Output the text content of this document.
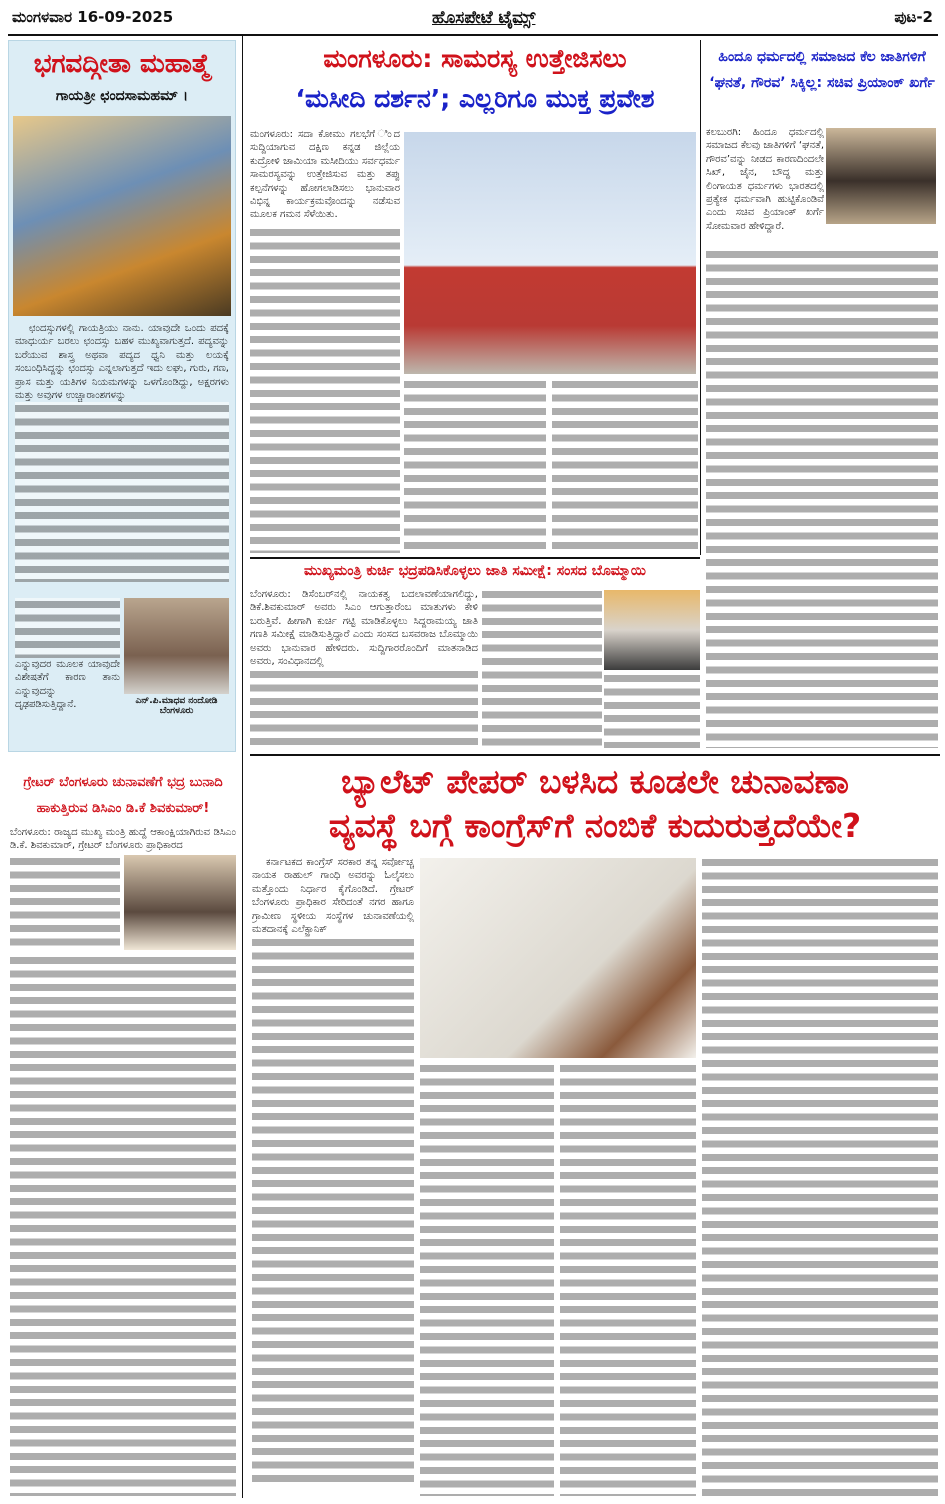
ಮಂಗಳವಾರ 16-09-2025	ಹೊಸಪೇಟೆ ಟೈಮ್ಸ್	ಪುಟ-2
ಭಗವದ್ಗೀತಾ ಮಹಾತ್ಮೆ
ಗಾಯತ್ರೀ ಛಂದಸಾಮಹಮ್ ।

ಛಂದಸ್ಸುಗಳಲ್ಲಿ ಗಾಯತ್ರಿಯು ನಾನು. ಯಾವುದೇ ಒಂದು ಪದಕ್ಕೆ ಮಾಧುರ್ಯ ಬರಲು ಛಂದಸ್ಸು ಬಹಳ ಮುಖ್ಯವಾಗುತ್ತದೆ. ಪದ್ಯವನ್ನು ಬರೆಯುವ ಶಾಸ್ತ್ರ ಅಥವಾ ಪದ್ಯದ ಧ್ವನಿ ಮತ್ತು ಲಯಕ್ಕೆ ಸಂಬಂಧಿಸಿದ್ದನ್ನು ಛಂದಸ್ಸು ಎನ್ನಲಾಗುತ್ತದೆ ಇದು ಲಘು, ಗುರು, ಗಣ, ಪ್ರಾಸ ಮತ್ತು ಯತಿಗಳ ನಿಯಮಗಳನ್ನು ಒಳಗೊಂಡಿದ್ದು, ಅಕ್ಷರಗಳು ಮತ್ತು ಅವುಗಳ ಉಚ್ಚಾರಾಂಶಗಳನ್ನು

ಎನ್ನುವುದರ ಮೂಲಕ ಯಾವುದೇ ವಿಶೇಷತೆಗೆ ಕಾರಣ ತಾನು ಎನ್ನುವುದನ್ನು ದೃಢಪಡಿಸುತ್ತಿದ್ದಾನೆ.	ಎನ್.ಪಿ.ಮಾಧವ ನಂದೋಡಿ
ಬೆಂಗಳೂರು
ಗ್ರೇಟರ್ ಬೆಂಗಳೂರು ಚುನಾವಣೆಗೆ ಭದ್ರ ಬುನಾದಿ ಹಾಕುತ್ತಿರುವ ಡಿಸಿಎಂ ಡಿ.ಕೆ ಶಿವಕುಮಾರ್!
ಬೆಂಗಳೂರು: ರಾಜ್ಯದ ಮುಖ್ಯ ಮಂತ್ರಿ ಹುದ್ದೆ ಆಕಾಂಕ್ಷಿಯಾಗಿರುವ ಡಿಸಿಎಂ ಡಿ.ಕೆ. ಶಿವಕುಮಾರ್, ಗ್ರೇಟರ್ ಬೆಂಗಳೂರು ಪ್ರಾಧಿಕಾರದ
ಮಂಗಳೂರು: ಸಾಮರಸ್ಯ ಉತ್ತೇಜಿಸಲು
‘ಮಸೀದಿ ದರ್ಶನ’; ಎಲ್ಲರಿಗೂ ಮುಕ್ತ ಪ್ರವೇಶ
ಮಂಗಳೂರು: ಸದಾ ಕೋಮು ಗಲಭೆಗೆ ಿಂದ ಸುದ್ದಿಯಾಗುವ ದಕ್ಷಿಣ ಕನ್ನಡ ಜಿಲ್ಲೆಯ ಕುದ್ರೋಳಿ ಜಾಮಿಯಾ ಮಸೀದಿಯು ಸರ್ವಧರ್ಮ ಸಾಮರಸ್ಯವನ್ನು ಉತ್ತೇಜಿಸುವ ಮತ್ತು ತಪ್ಪು ಕಲ್ಪನೆಗಳನ್ನು ಹೋಗಲಾಡಿಸಲು ಭಾನುವಾರ ವಿಭಿನ್ನ ಕಾರ್ಯಕ್ರಮವೊಂದನ್ನು ನಡೆಸುವ ಮೂಲಕ ಗಮನ ಸೆಳೆಯಿತು.
ಹಿಂದೂ ಧರ್ಮದಲ್ಲಿ ಸಮಾಜದ ಕೆಲ ಜಾತಿಗಳಿಗೆ ‘ಘನತೆ, ಗೌರವ’ ಸಿಕ್ಕಿಲ್ಲ: ಸಚಿವ ಪ್ರಿಯಾಂಕ್ ಖರ್ಗೆ
ಕಲಬುರಗಿ: ಹಿಂದೂ ಧರ್ಮದಲ್ಲಿ ಸಮಾಜದ ಕೆಲವು ಜಾತಿಗಳಿಗೆ ‘ಘನತೆ, ಗೌರವ’ವನ್ನು ನೀಡದ ಕಾರಣದಿಂದಲೇ ಸಿಖ್, ಜೈನ, ಬೌದ್ಧ ಮತ್ತು ಲಿಂಗಾಯತ ಧರ್ಮಗಳು ಭಾರತದಲ್ಲಿ ಪ್ರತ್ಯೇಕ ಧರ್ಮವಾಗಿ ಹುಟ್ಟಿಕೊಂಡಿವೆ ಎಂದು ಸಚಿವ ಪ್ರಿಯಾಂಕ್ ಖರ್ಗೆ ಸೋಮವಾರ ಹೇಳಿದ್ದಾರೆ.
ಮುಖ್ಯಮಂತ್ರಿ ಕುರ್ಚಿ ಭದ್ರಪಡಿಸಿಕೊಳ್ಳಲು ಜಾತಿ ಸಮೀಕ್ಷೆ: ಸಂಸದ ಬೊಮ್ಮಾಯಿ
ಬೆಂಗಳೂರು: ಡಿಸೆಂಬರ್‌ನಲ್ಲಿ ನಾಯಕತ್ವ ಬದಲಾವಣೆಯಾಗಲಿದ್ದು, ಡಿಕೆ.ಶಿವಕುಮಾರ್ ಅವರು ಸಿಎಂ ಆಗುತ್ತಾರೆಂಬ ಮಾತುಗಳು ಕೇಳಿ ಬರುತ್ತಿವೆ. ಹೀಗಾಗಿ ಕುರ್ಚಿ ಗಟ್ಟಿ ಮಾಡಿಕೊಳ್ಳಲು ಸಿದ್ದರಾಮಯ್ಯ ಜಾತಿ ಗಣತಿ ಸಮೀಕ್ಷೆ ಮಾಡಿಸುತ್ತಿದ್ದಾರೆ ಎಂದು ಸಂಸದ ಬಸವರಾಜ ಬೊಮ್ಮಾಯಿ ಅವರು ಭಾನುವಾರ ಹೇಳಿದರು. ಸುದ್ದಿಗಾರರೊಂದಿಗೆ ಮಾತನಾಡಿದ ಅವರು, ಸಂವಿಧಾನದಲ್ಲಿ
ಬ್ಯಾಲೆಟ್ ಪೇಪರ್ ಬಳಸಿದ ಕೂಡಲೇ ಚುನಾವಣಾ
ವ್ಯವಸ್ಥೆ ಬಗ್ಗೆ ಕಾಂಗ್ರೆಸ್‌ಗೆ ನಂಬಿಕೆ ಕುದುರುತ್ತದೆಯೇ?

ಕರ್ನಾಟಕದ ಕಾಂಗ್ರೆಸ್ ಸರಕಾರ ತನ್ನ ಸರ್ವೋಚ್ಚ ನಾಯಕ ರಾಹುಲ್ ಗಾಂಧಿ ಅವರನ್ನು ಓಲೈಸಲು ಮತ್ತೊಂದು ನಿರ್ಧಾರ ಕೈಗೊಂಡಿದೆ. ಗ್ರೇಟರ್ ಬೆಂಗಳೂರು ಪ್ರಾಧಿಕಾರ ಸೇರಿದಂತೆ ನಗರ ಹಾಗೂ ಗ್ರಾಮೀಣ ಸ್ಥಳೀಯ ಸಂಸ್ಥೆಗಳ ಚುನಾವಣೆಯಲ್ಲಿ ಮತದಾನಕ್ಕೆ ಎಲೆಕ್ಟ್ರಾನಿಕ್
